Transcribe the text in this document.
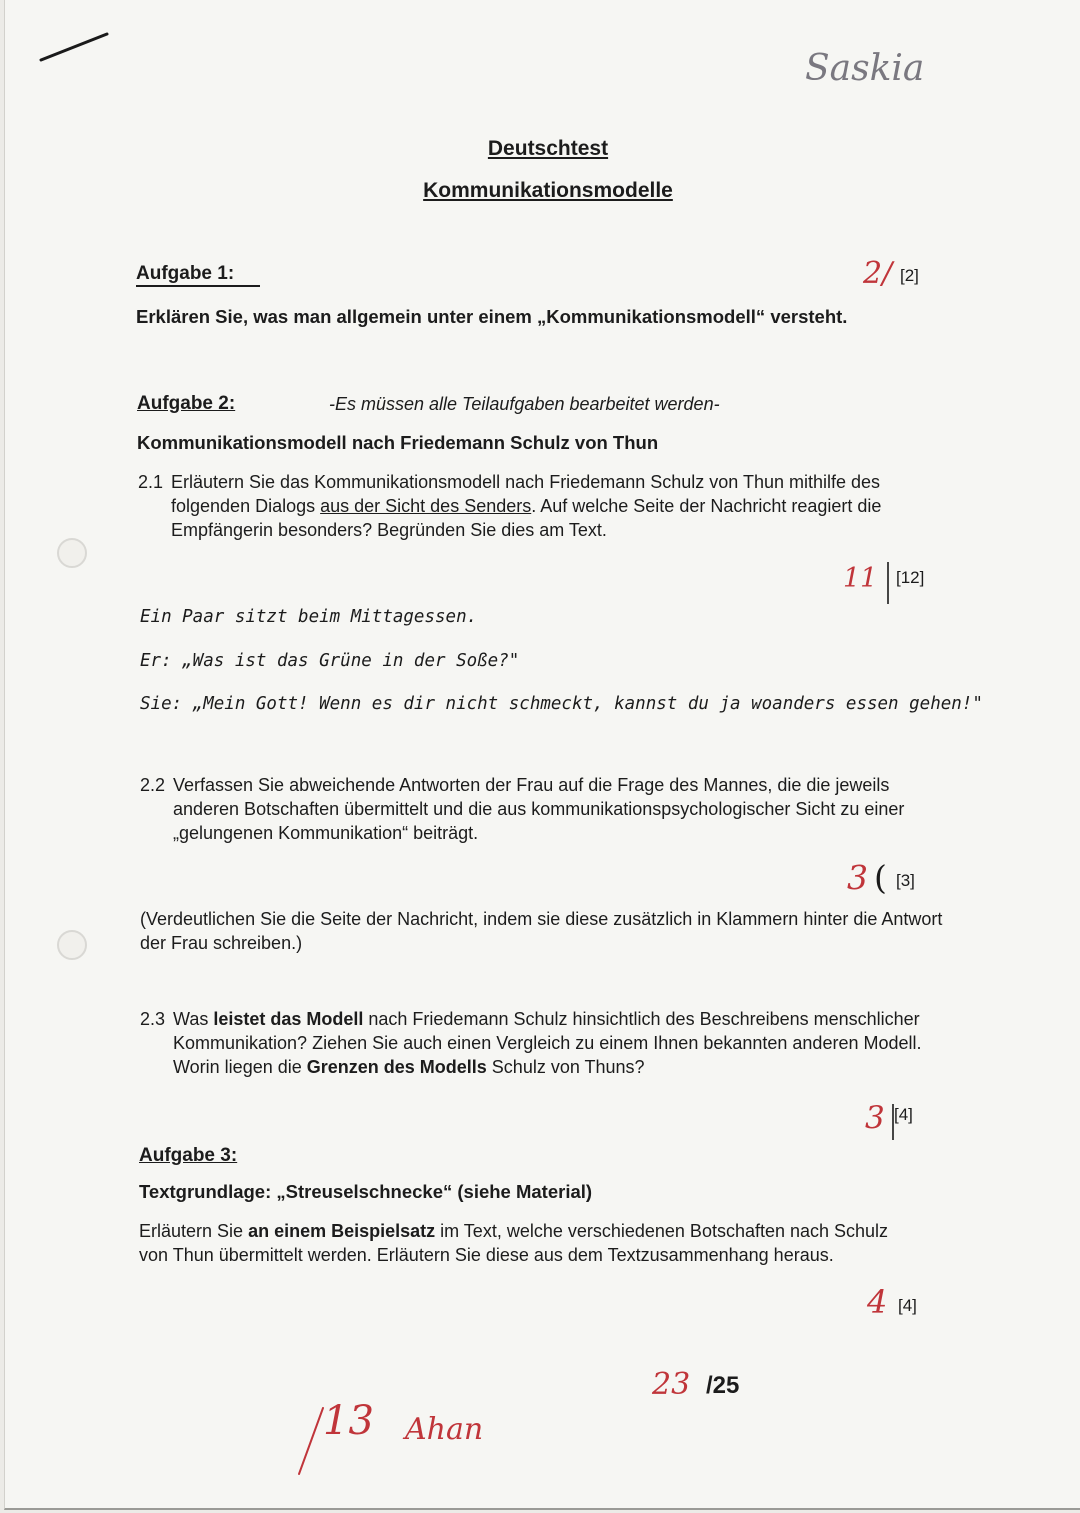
Saskia
Deutschtest
Kommunikationsmodelle
Aufgabe 1:	2/ [2]
Erklären Sie, was man allgemein unter einem „Kommunikationsmodell“ versteht.
Aufgabe 2:	-Es müssen alle Teilaufgaben bearbeitet werden-
Kommunikationsmodell nach Friedemann Schulz von Thun
2.1 Erläutern Sie das Kommunikationsmodell nach Friedemann Schulz von Thun mithilfe des folgenden Dialogs aus der Sicht des Senders. Auf welche Seite der Nachricht reagiert die Empfängerin besonders? Begründen Sie dies am Text.
11 [12]
Ein Paar sitzt beim Mittagessen.
Er: „Was ist das Grüne in der Soße?"
Sie: „Mein Gott! Wenn es dir nicht schmeckt, kannst du ja woanders essen gehen!"
2.2 Verfassen Sie abweichende Antworten der Frau auf die Frage des Mannes, die die jeweils anderen Botschaften übermittelt und die aus kommunikationspsychologischer Sicht zu einer „gelungenen Kommunikation“ beiträgt.
3 ( [3]
(Verdeutlichen Sie die Seite der Nachricht, indem sie diese zusätzlich in Klammern hinter die Antwort der Frau schreiben.)
2.3 Was leistet das Modell nach Friedemann Schulz hinsichtlich des Beschreibens menschlicher Kommunikation? Ziehen Sie auch einen Vergleich zu einem Ihnen bekannten anderen Modell. Worin liegen die Grenzen des Modells Schulz von Thuns?
3 [4]
Aufgabe 3:
Textgrundlage: „Streuselschnecke“ (siehe Material)
Erläutern Sie an einem Beispielsatz im Text, welche verschiedenen Botschaften nach Schulz von Thun übermittelt werden. Erläutern Sie diese aus dem Textzusammenhang heraus.
4 [4]
23 /25
13 Ahan
